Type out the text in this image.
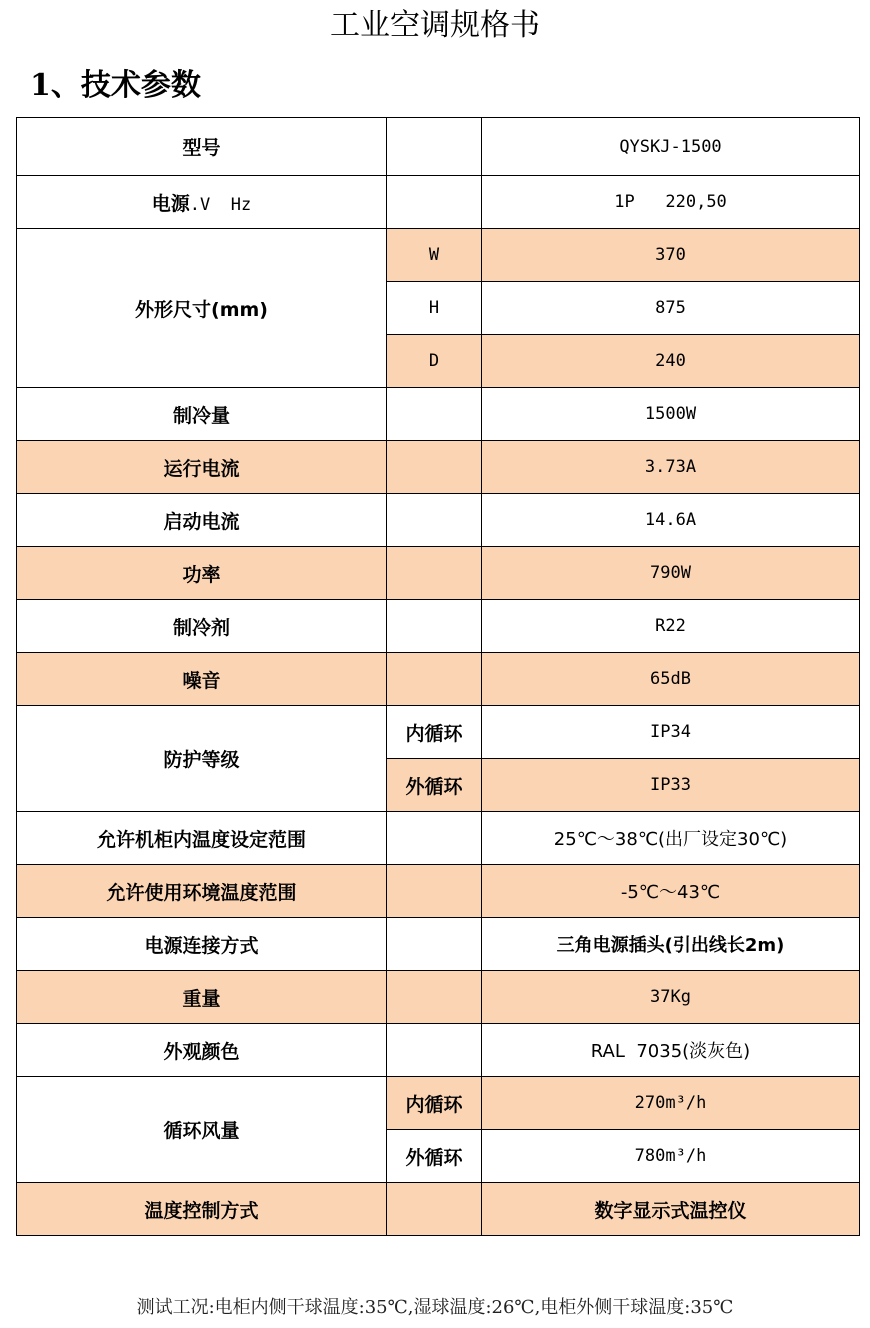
工业空调规格书
1、技术参数
型号		QYSKJ-1500
电源.V  Hz		1P   220,50
外形尺寸(mm)	W	370
	H	875
	D	240
制冷量		1500W
运行电流		3.73A
启动电流		14.6A
功率		790W
制冷剂		R22
噪音		65dB
防护等级	内循环	IP34
	外循环	IP33
允许机柜内温度设定范围		25℃～38℃(出厂设定30℃)
允许使用环境温度范围		-5℃～43℃
电源连接方式		三角电源插头(引出线长2m)
重量		37Kg
外观颜色		RAL  7035(淡灰色)
循环风量	内循环	270m³/h
	外循环	780m³/h
温度控制方式		数字显示式温控仪
测试工况:电柜内侧干球温度:35℃,湿球温度:26℃,电柜外侧干球温度:35℃
